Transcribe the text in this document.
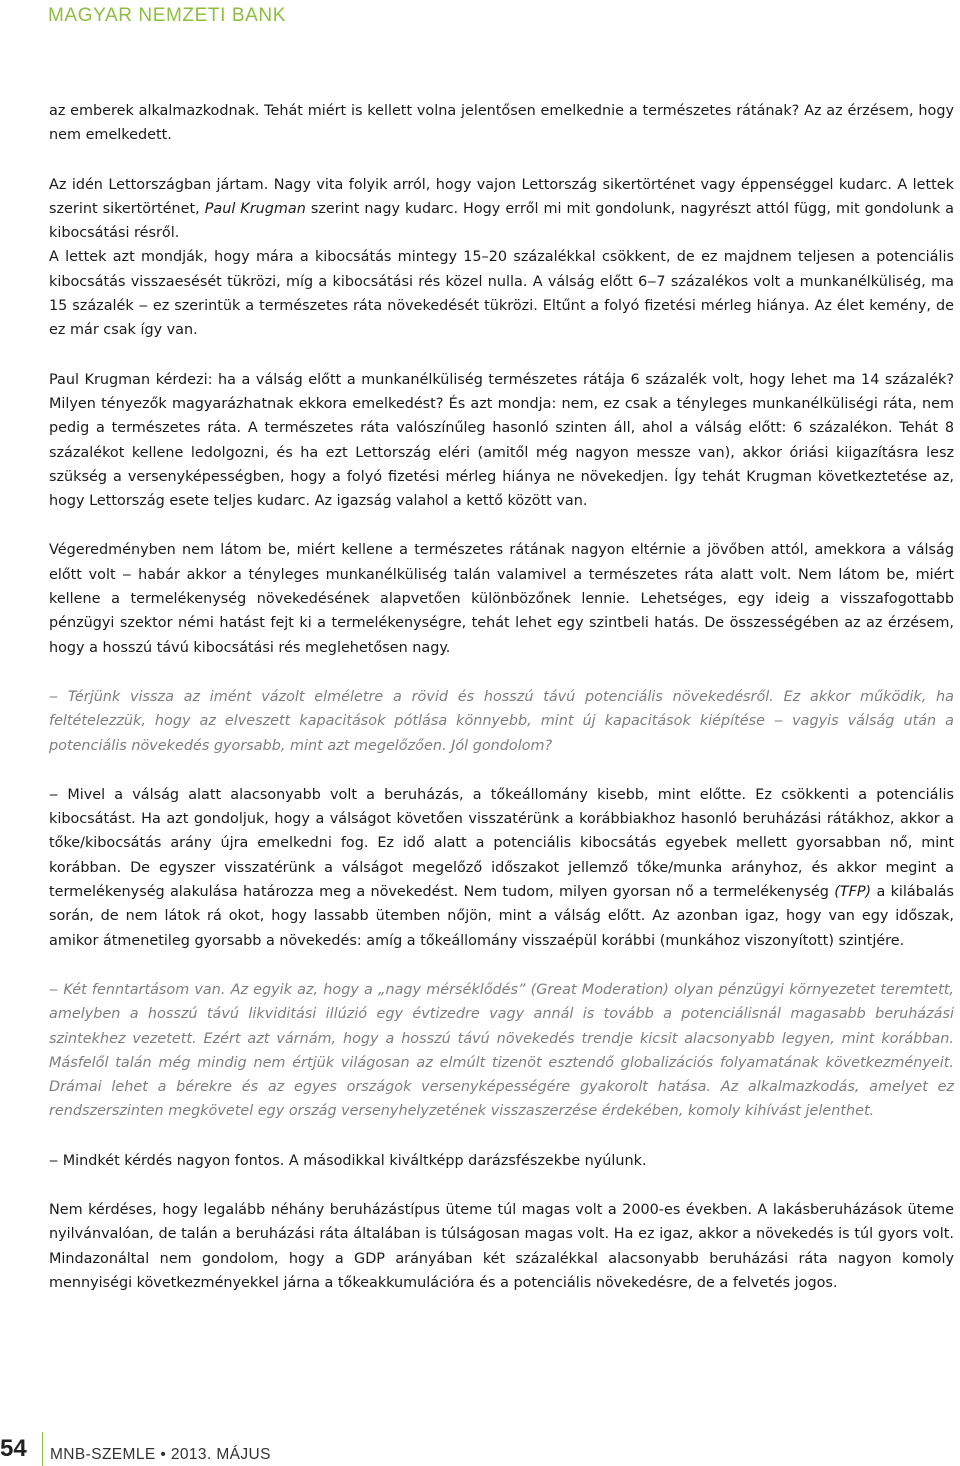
MAGYAR NEMZETI BANK

az emberek alkalmazkodnak. Tehát miért is kellett volna jelentősen emelkednie a természetes rátának? Az az érzésem, hogy nem emelkedett.

Az idén Lettországban jártam. Nagy vita folyik arról, hogy vajon Lettország sikertörténet vagy éppenséggel kudarc. A lettek szerint sikertörténet, Paul Krugman szerint nagy kudarc. Hogy erről mi mit gondolunk, nagyrészt attól függ, mit gondolunk a kibocsátási résről.

A lettek azt mondják, hogy mára a kibocsátás mintegy 15–20 százalékkal csökkent, de ez majdnem teljesen a potenciális kibocsátás visszaesését tükrözi, míg a kibocsátási rés közel nulla. A válság előtt 6‒7 százalékos volt a munkanélküliség, ma 15 százalék ‒ ez szerintük a természetes ráta növekedését tükrözi. Eltűnt a folyó fizetési mérleg hiánya. Az élet kemény, de ez már csak így van.

Paul Krugman kérdezi: ha a válság előtt a munkanélküliség természetes rátája 6 százalék volt, hogy lehet ma 14 százalék? Milyen tényezők magyarázhatnak ekkora emelkedést? És azt mondja: nem, ez csak a tényleges munkanélküliségi ráta, nem pedig a természetes ráta. A természetes ráta valószínűleg hasonló szinten áll, ahol a válság előtt: 6 százalékon. Tehát 8 százalékot kellene ledolgozni, és ha ezt Lettország eléri (amitől még nagyon messze van), akkor óriási kiigazításra lesz szükség a versenyképességben, hogy a folyó fizetési mérleg hiánya ne növekedjen. Így tehát Krugman következtetése az, hogy Lettország esete teljes kudarc. Az igazság valahol a kettő között van.

Végeredményben nem látom be, miért kellene a természetes rátának nagyon eltérnie a jövőben attól, amekkora a válság előtt volt ‒ habár akkor a tényleges munkanélküliség talán valamivel a természetes ráta alatt volt. Nem látom be, miért kellene a termelékenység növekedésének alapvetően különbözőnek lennie. Lehetséges, egy ideig a visszafogottabb pénzügyi szektor némi hatást fejt ki a termelékenységre, tehát lehet egy szintbeli hatás. De összességében az az érzésem, hogy a hosszú távú kibocsátási rés meglehetősen nagy.

‒ Térjünk vissza az imént vázolt elméletre a rövid és hosszú távú potenciális növekedésről. Ez akkor működik, ha feltételezzük, hogy az elveszett kapacitások pótlása könnyebb, mint új kapacitások kiépítése ‒ vagyis válság után a potenciális növekedés gyorsabb, mint azt megelőzően. Jól gondolom?

‒ Mivel a válság alatt alacsonyabb volt a beruházás, a tőkeállomány kisebb, mint előtte. Ez csökkenti a potenciális kibocsátást. Ha azt gondoljuk, hogy a válságot követően visszatérünk a korábbiakhoz hasonló beruházási rátákhoz, akkor a tőke/kibocsátás arány újra emelkedni fog. Ez idő alatt a potenciális kibocsátás egyebek mellett gyorsabban nő, mint korábban. De egyszer visszatérünk a válságot megelőző időszakot jellemző tőke/munka arányhoz, és akkor megint a termelékenység alakulása határozza meg a növekedést. Nem tudom, milyen gyorsan nő a termelékenység (TFP) a kilábalás során, de nem látok rá okot, hogy lassabb ütemben nőjön, mint a válság előtt. Az azonban igaz, hogy van egy időszak, amikor átmenetileg gyorsabb a növekedés: amíg a tőkeállomány visszaépül korábbi (munkához viszonyított) szintjére.

‒ Két fenntartásom van. Az egyik az, hogy a „nagy mérséklődés” (Great Moderation) olyan pénzügyi környezetet teremtett, amelyben a hosszú távú likviditási illúzió egy évtizedre vagy annál is tovább a potenciálisnál magasabb beruházási szintekhez vezetett. Ezért azt várnám, hogy a hosszú távú növekedés trendje kicsit alacsonyabb legyen, mint korábban. Másfelől talán még mindig nem értjük világosan az elmúlt tizenöt esztendő globalizációs folyamatának következményeit. Drámai lehet a bérekre és az egyes országok versenyképességére gyakorolt hatása. Az alkalmazkodás, amelyet ez rendszerszinten megkövetel egy ország versenyhelyzetének visszaszerzése érdekében, komoly kihívást jelenthet.

‒ Mindkét kérdés nagyon fontos. A másodikkal kiváltképp darázsfészekbe nyúlunk.

Nem kérdéses, hogy legalább néhány beruházástípus üteme túl magas volt a 2000-es években. A lakásberuházások üteme nyilvánvalóan, de talán a beruházási ráta általában is túlságosan magas volt. Ha ez igaz, akkor a növekedés is túl gyors volt. Mindazonáltal nem gondolom, hogy a GDP arányában két százalékkal alacsonyabb beruházási ráta nagyon komoly mennyiségi következményekkel járna a tőkeakkumulációra és a potenciális növekedésre, de a felvetés jogos.

54 MNB-SZEMLE • 2013. MÁJUS
